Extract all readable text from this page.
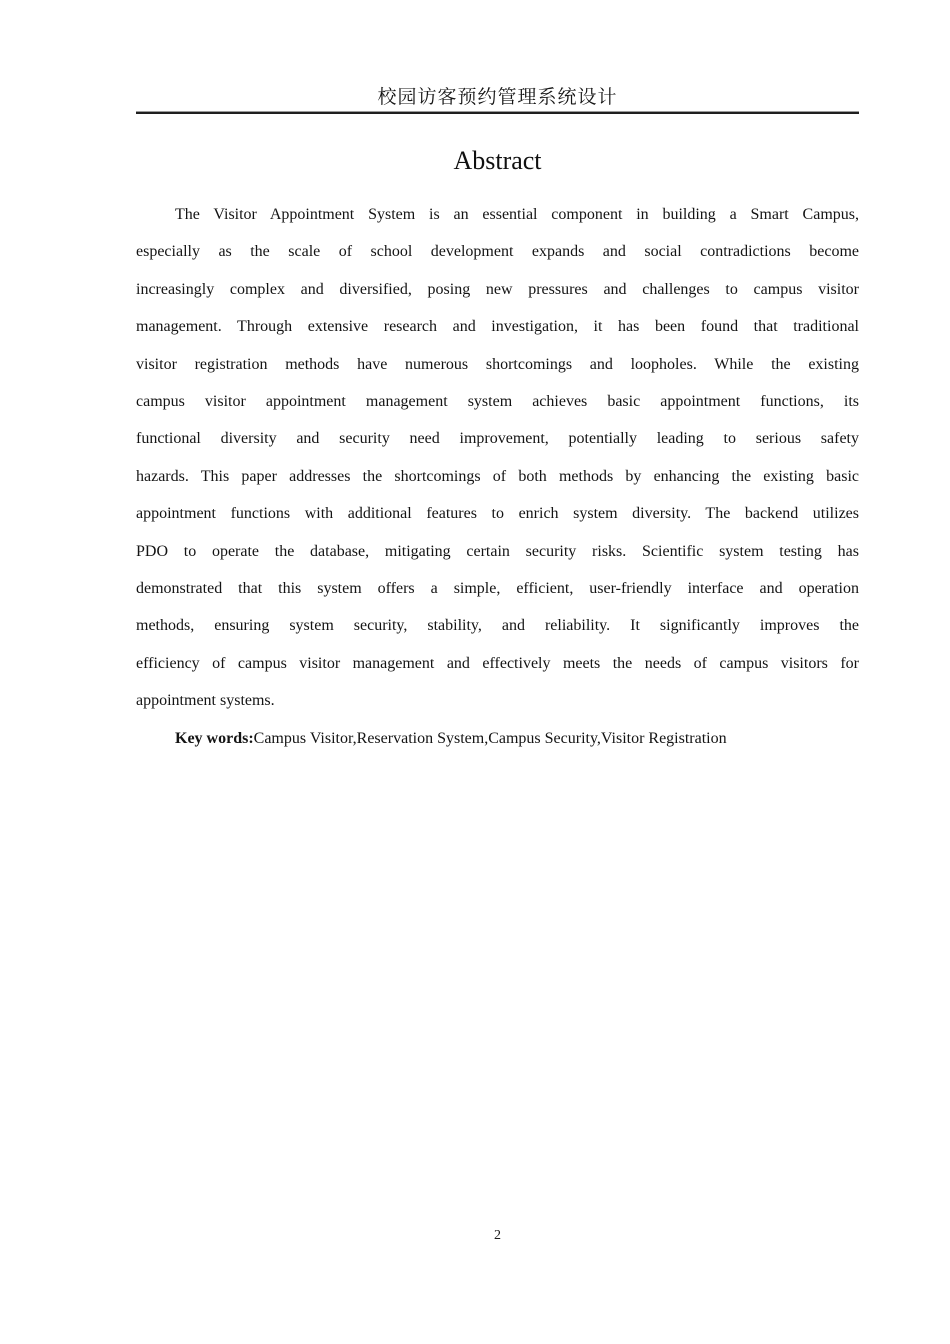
校园访客预约管理系统设计
Abstract
The Visitor Appointment System is an essential component in building a Smart Campus,
especially as the scale of school development expands and social contradictions become
increasingly complex and diversified, posing new pressures and challenges to campus visitor
management. Through extensive research and investigation, it has been found that traditional
visitor registration methods have numerous shortcomings and loopholes. While the existing
campus visitor appointment management system achieves basic appointment functions, its
functional diversity and security need improvement, potentially leading to serious safety
hazards. This paper addresses the shortcomings of both methods by enhancing the existing basic
appointment functions with additional features to enrich system diversity. The backend utilizes
PDO to operate the database, mitigating certain security risks. Scientific system testing has
demonstrated that this system offers a simple, efficient, user-friendly interface and operation
methods, ensuring system security, stability, and reliability. It significantly improves the
efficiency of campus visitor management and effectively meets the needs of campus visitors for
appointment systems.
Key words:Campus Visitor,Reservation System,Campus Security,Visitor Registration
2
